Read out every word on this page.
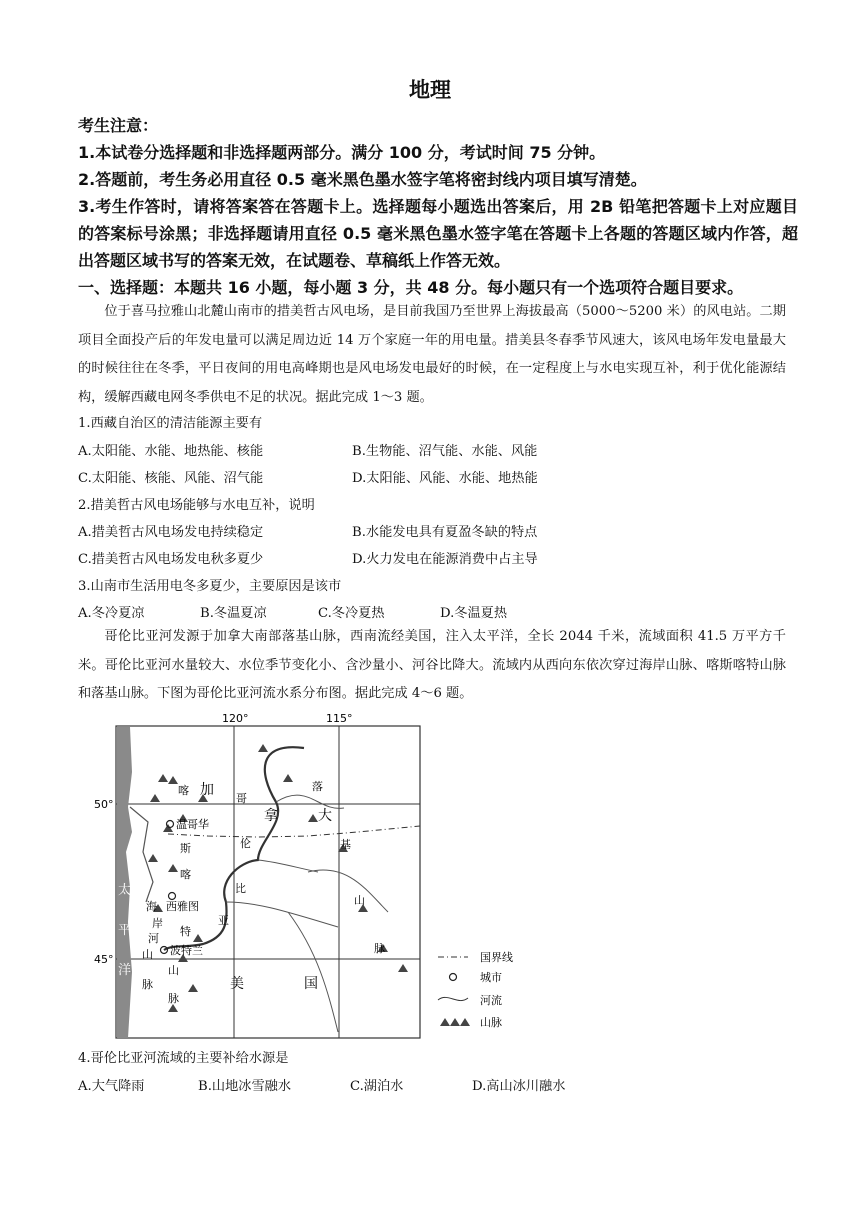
地理
考生注意：
1.本试卷分选择题和非选择题两部分。满分 100 分，考试时间 75 分钟。
2.答题前，考生务必用直径 0.5 毫米黑色墨水签字笔将密封线内项目填写清楚。
3.考生作答时，请将答案答在答题卡上。选择题每小题选出答案后，用 2B 铅笔把答题卡上对应题目的答案标号涂黑；非选择题请用直径 0.5 毫米黑色墨水签字笔在答题卡上各题的答题区域内作答，超出答题区域书写的答案无效，在试题卷、草稿纸上作答无效。
一、选择题：本题共 16 小题，每小题 3 分，共 48 分。每小题只有一个选项符合题目要求。
位于喜马拉雅山北麓山南市的措美哲古风电场，是目前我国乃至世界上海拔最高（5000～5200 米）的风电站。二期项目全面投产后的年发电量可以满足周边近 14 万个家庭一年的用电量。措美县冬春季节风速大，该风电场年发电量最大的时候往往在冬季，平日夜间的用电高峰期也是风电场发电最好的时候，在一定程度上与水电实现互补，利于优化能源结构，缓解西藏电网冬季供电不足的状况。据此完成 1～3 题。
1.西藏自治区的清洁能源主要有
A.太阳能、水能、地热能、核能	B.生物能、沼气能、水能、风能
C.太阳能、核能、风能、沼气能	D.太阳能、风能、水能、地热能
2.措美哲古风电场能够与水电互补，说明
A.措美哲古风电场发电持续稳定	B.水能发电具有夏盈冬缺的特点
C.措美哲古风电场发电秋多夏少	D.火力发电在能源消费中占主导
3.山南市生活用电冬多夏少，主要原因是该市
A.冬冷夏凉	B.冬温夏凉	C.冬冷夏热	D.冬温夏热
哥伦比亚河发源于加拿大南部落基山脉，西南流经美国，注入太平洋，全长 2044 千米，流域面积 41.5 万平方千米。哥伦比亚河水量较大、水位季节变化小、含沙量小、河谷比降大。流域内从西向东依次穿过海岸山脉、喀斯喀特山脉和落基山脉。下图为哥伦比亚河流水系分布图。据此完成 4～6 题。
120°	115°
50°
45°
加
拿	大
哥
伦
比
亚
落
基
山
脉
喀
斯
喀
特
山
脉
海
岸
山
脉
河
太
平
洋
温哥华
西雅图
波特兰
美	国
国界线
城市
河流
山脉
4.哥伦比亚河流域的主要补给水源是
A.大气降雨	B.山地冰雪融水	C.湖泊水	D.高山冰川融水
